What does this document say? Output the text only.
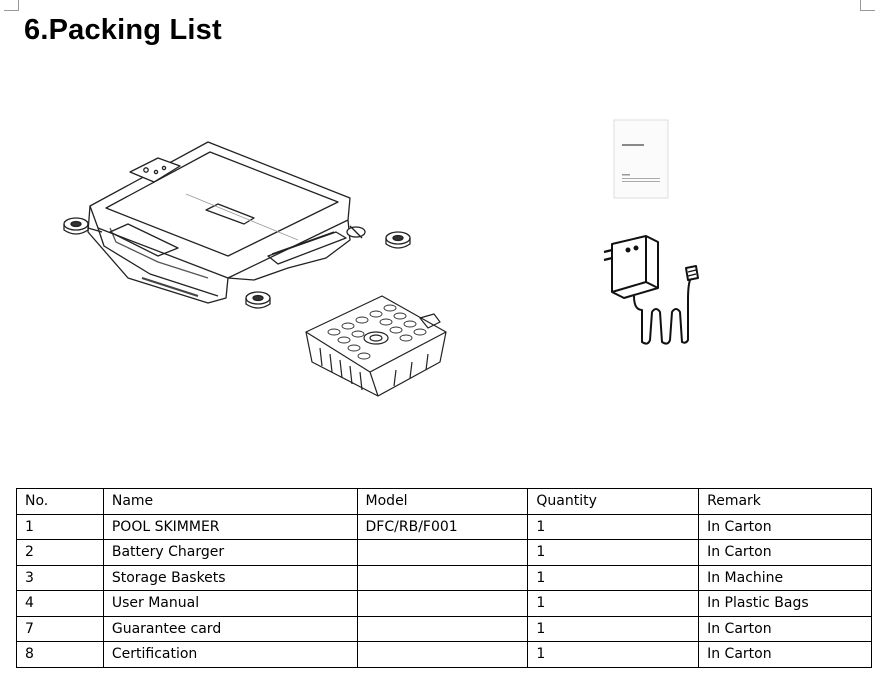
6.Packing List
No.	Name	Model	Quantity	Remark
1	POOL SKIMMER	DFC/RB/F001	1	In Carton
2	Battery Charger		1	In Carton
3	Storage Baskets		1	In Machine
4	User Manual		1	In Plastic Bags
7	Guarantee card		1	In Carton
8	Certification		1	In Carton
